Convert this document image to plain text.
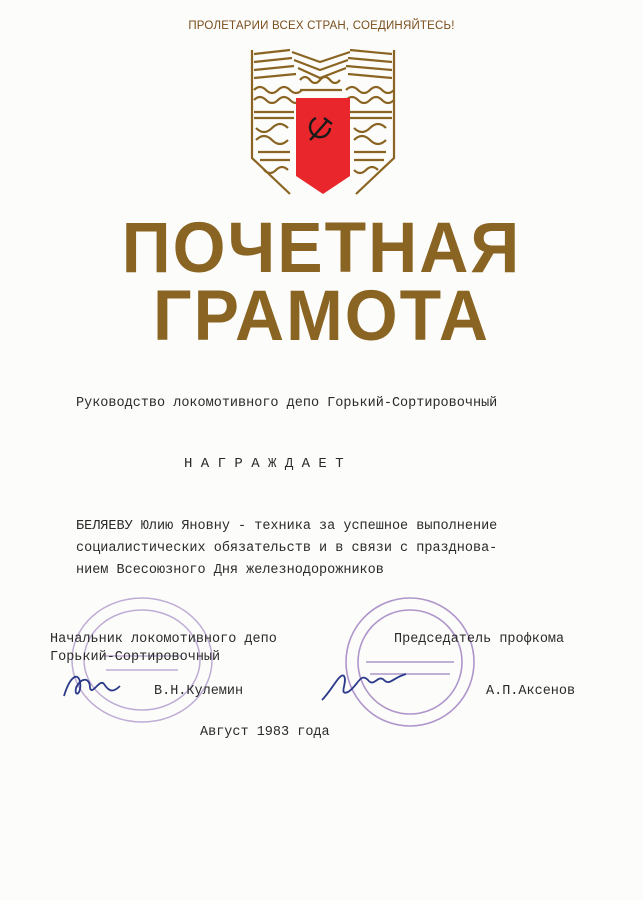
ПРОЛЕТАРИИ ВСЕХ СТРАН, СОЕДИНЯЙТЕСЬ!
ПОЧЕТНАЯ
ГРАМОТА
Руководство локомотивного депо Горький-Сортировочный
Н А Г Р А Ж Д А Е Т
БЕЛЯЕВУ Юлию Яновну - техника за успешное выполнение
социалистических обязательств и в связи с празднова-
нием Всесоюзного Дня железнодорожников
Начальник локомотивного депо
Горький-Сортировочный
Председатель профкома
В.Н.Кулемин	А.П.Аксенов
Август 1983 года
